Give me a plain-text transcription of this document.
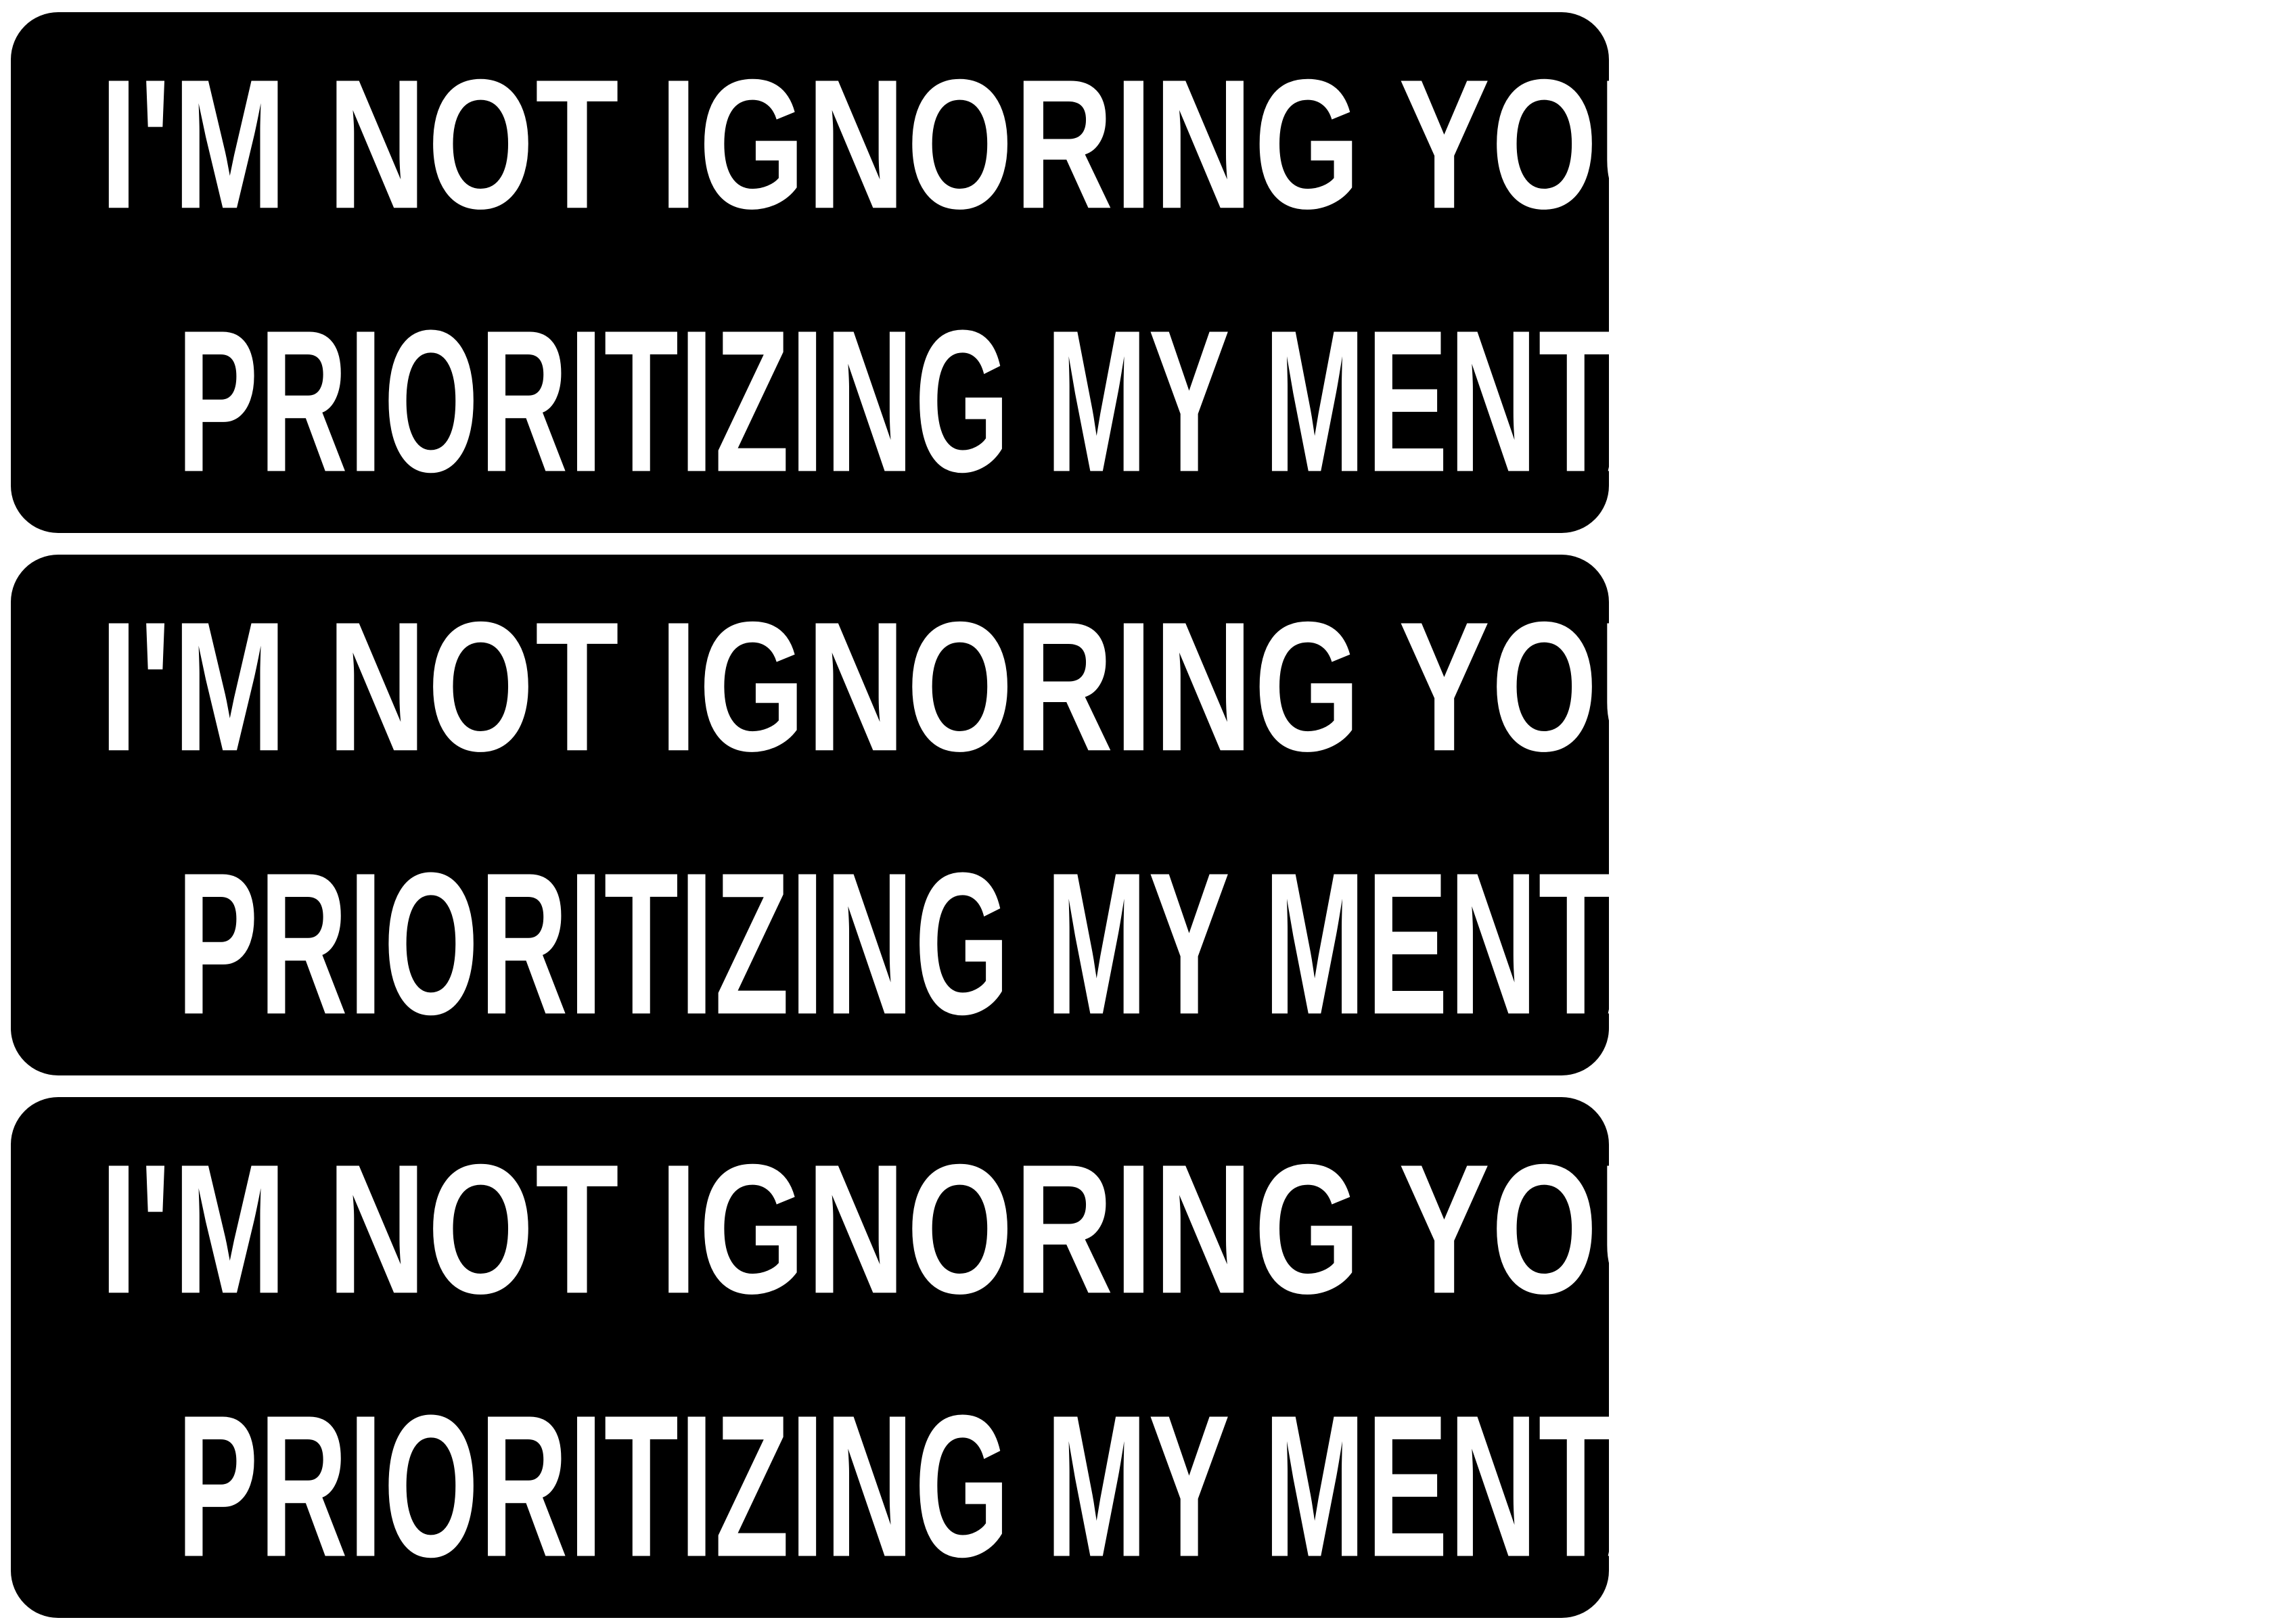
I'M NOT IGNORING YOU; I'M

PRIORITIZING MY MENTAL HEALTH

I'M NOT IGNORING YOU; I'M

PRIORITIZING MY MENTAL HEALTH

I'M NOT IGNORING YOU; I'M

PRIORITIZING MY MENTAL HEALTH
